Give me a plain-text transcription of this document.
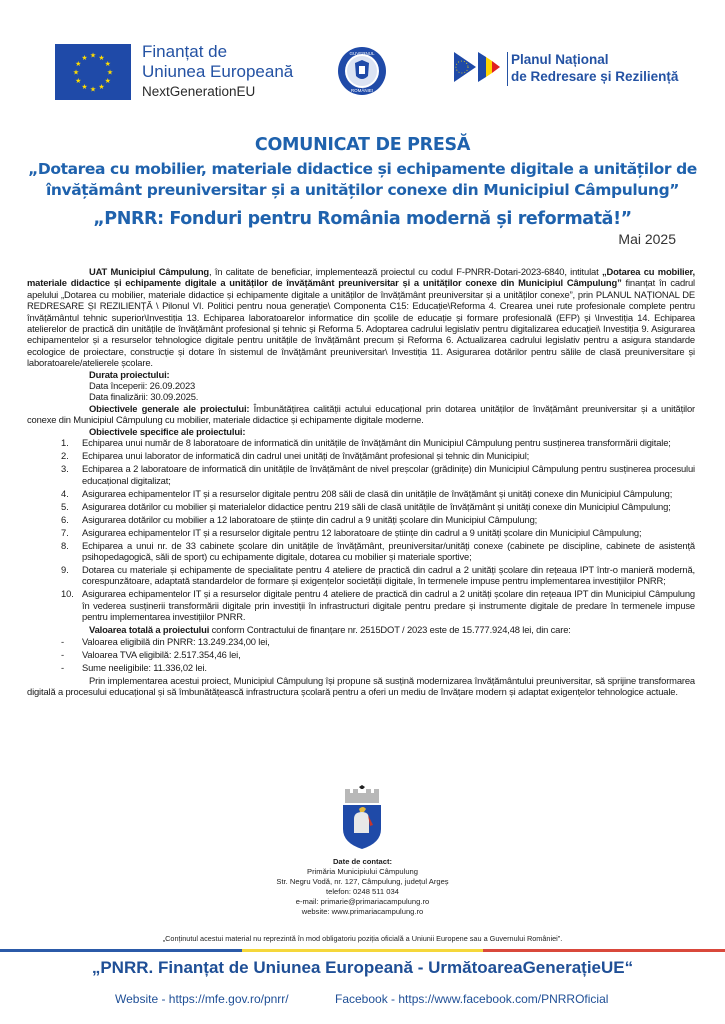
★ ★
★
★
★
★
★
★
★
★
★
★	Finanțat de
Uniunea Europeană
NextGenerationEU
GUVERNUL
ROMÂNIEI
Planul Național
de Redresare și Reziliență
COMUNICAT DE PRESĂ
„Dotarea cu mobilier, materiale didactice și echipamente digitale a unităților de
învățământ preuniversitar și a unităților conexe din Municipiul Câmpulung”
„PNRR: Fonduri pentru România modernă și reformată!”
Mai 2025

UAT Municipiul Câmpulung, în calitate de beneficiar, implementează proiectul cu codul F-PNRR-Dotari-2023-6840, intitulat „Dotarea cu mobilier, materiale didactice și echipamente digitale a unităților de învățământ preuniversitar și a unităților conexe din Municipiul Câmpulung” finanțat în cadrul apelului „Dotarea cu mobilier, materiale didactice și echipamente digitale a unităților de învățământ preuniversitar și a unităților conexe”, prin PLANUL NAȚIONAL DE REDRESARE ȘI REZILIENȚĂ \ Pilonul VI. Politici pentru noua generație\ Componenta C15: Educație\Reforma 4. Crearea unei rute profesionale complete pentru învățământul tehnic superior\Investiția 13. Echiparea laboratoarelor informatice din școlile de educație și formare profesională (EFP) și \Investiția 14. Echiparea atelierelor de practică din unitățile de învățământ profesional și tehnic și Reforma 5. Adoptarea cadrului legislativ pentru digitalizarea educației\ Investiția 9. Asigurarea echipamentelor și a resurselor tehnologice digitale pentru unitățile de învățământ precum și Reforma 6. Actualizarea cadrului legislativ pentru a asigura standarde ecologice de proiectare, construcție și dotare în sistemul de învățământ preuniversitar\ Investiția 11. Asigurarea dotărilor pentru sălile de clasă preuniversitare și laboratoarele/atelierele școlare.

Durata proiectului:

Data începerii: 26.09.2023

Data finalizării: 30.09.2025.

Obiectivele generale ale proiectului: Îmbunătățirea calității actului educațional prin dotarea unităților de învățământ preuniversitar și a unităților conexe din Municipiul Câmpulung cu mobilier, materiale didactice și echipamente digitale moderne.

Obiectivele specifice ale proiectului:

1. Echiparea unui număr de 8 laboratoare de informatică din unitățile de învățământ din Municipiul Câmpulung pentru susținerea transformării digitale;
2. Echiparea unui laborator de informatică din cadrul unei unități de învățământ profesional și tehnic din Municipiul;
3. Echiparea a 2 laboratoare de informatică din unitățile de învățământ de nivel preșcolar (grădinițe) din Municipiul Câmpulung pentru susținerea procesului educațional digitalizat;
4. Asigurarea echipamentelor IT și a resurselor digitale pentru 208 săli de clasă din unitățile de învățământ și unități conexe din Municipiul Câmpulung;
5. Asigurarea dotărilor cu mobilier și materialelor didactice pentru 219 săli de clasă unitățile de învățământ și unități conexe din Municipiul Câmpulung;
6. Asigurarea dotărilor cu mobilier a 12 laboratoare de științe din cadrul a 9 unități școlare din Municipiul Câmpulung;
7. Asigurarea echipamentelor IT și a resurselor digitale pentru 12 laboratoare de științe din cadrul a 9 unități școlare din Municipiul Câmpulung;
8. Echiparea a unui nr. de 33 cabinete școlare din unitățile de învățământ, preuniversitar/unități conexe (cabinete pe discipline, cabinete de asistență psihopedagogică, săli de sport) cu echipamente digitale, dotarea cu mobilier și materiale sportive;
9. Dotarea cu materiale și echipamente de specialitate pentru 4 ateliere de practică din cadrul a 2 unități școlare din rețeaua IPT într-o manieră modernă, corespunzătoare, adaptată standardelor de formare și exigențelor societății digitale, în termenele impuse pentru implementarea investițiilor PNRR;
10. Asigurarea echipamentelor IT și a resurselor digitale pentru 4 ateliere de practică din cadrul a 2 unități școlare din rețeaua IPT din Municipiul Câmpulung în vederea susținerii transformării digitale prin investiții în infrastructuri digitale pentru predare și instrumente digitale de predare în termenele impuse pentru implementarea investițiilor PNRR.

Valoarea totală a proiectului conform Contractului de finanțare nr. 2515DOT / 2023 este de 15.777.924,48 lei, din care:

- Valoarea eligibilă din PNRR: 13.249.234,00 lei,
- Valoarea TVA eligibilă: 2.517.354,46 lei,
- Sume neeligibile: 11.336,02 lei.

Prin implementarea acestui proiect, Municipiul Câmpulung își propune să susțină modernizarea învățământului preuniversitar, să sprijine transformarea digitală a procesului educațional și să îmbunătățească infrastructura școlară pentru a oferi un mediu de învățare modern și adaptat exigențelor tehnologice actuale.

Date de contact:
Primăria Municipiului Câmpulung
Str. Negru Vodă, nr. 127, Câmpulung, județul Argeș
telefon: 0248 511 034
e-mail: primarie@primariacampulung.ro
website: www.primariacampulung.ro
„Conținutul acestui material nu reprezintă în mod obligatoriu poziția oficială a Uniunii Europene sau a Guvernului României”.
„PNRR. Finanțat de Uniunea Europeană - UrmătoareaGenerațieUE“
Website - https://mfe.gov.ro/pnrr/	Facebook - https://www.facebook.com/PNRROficial
